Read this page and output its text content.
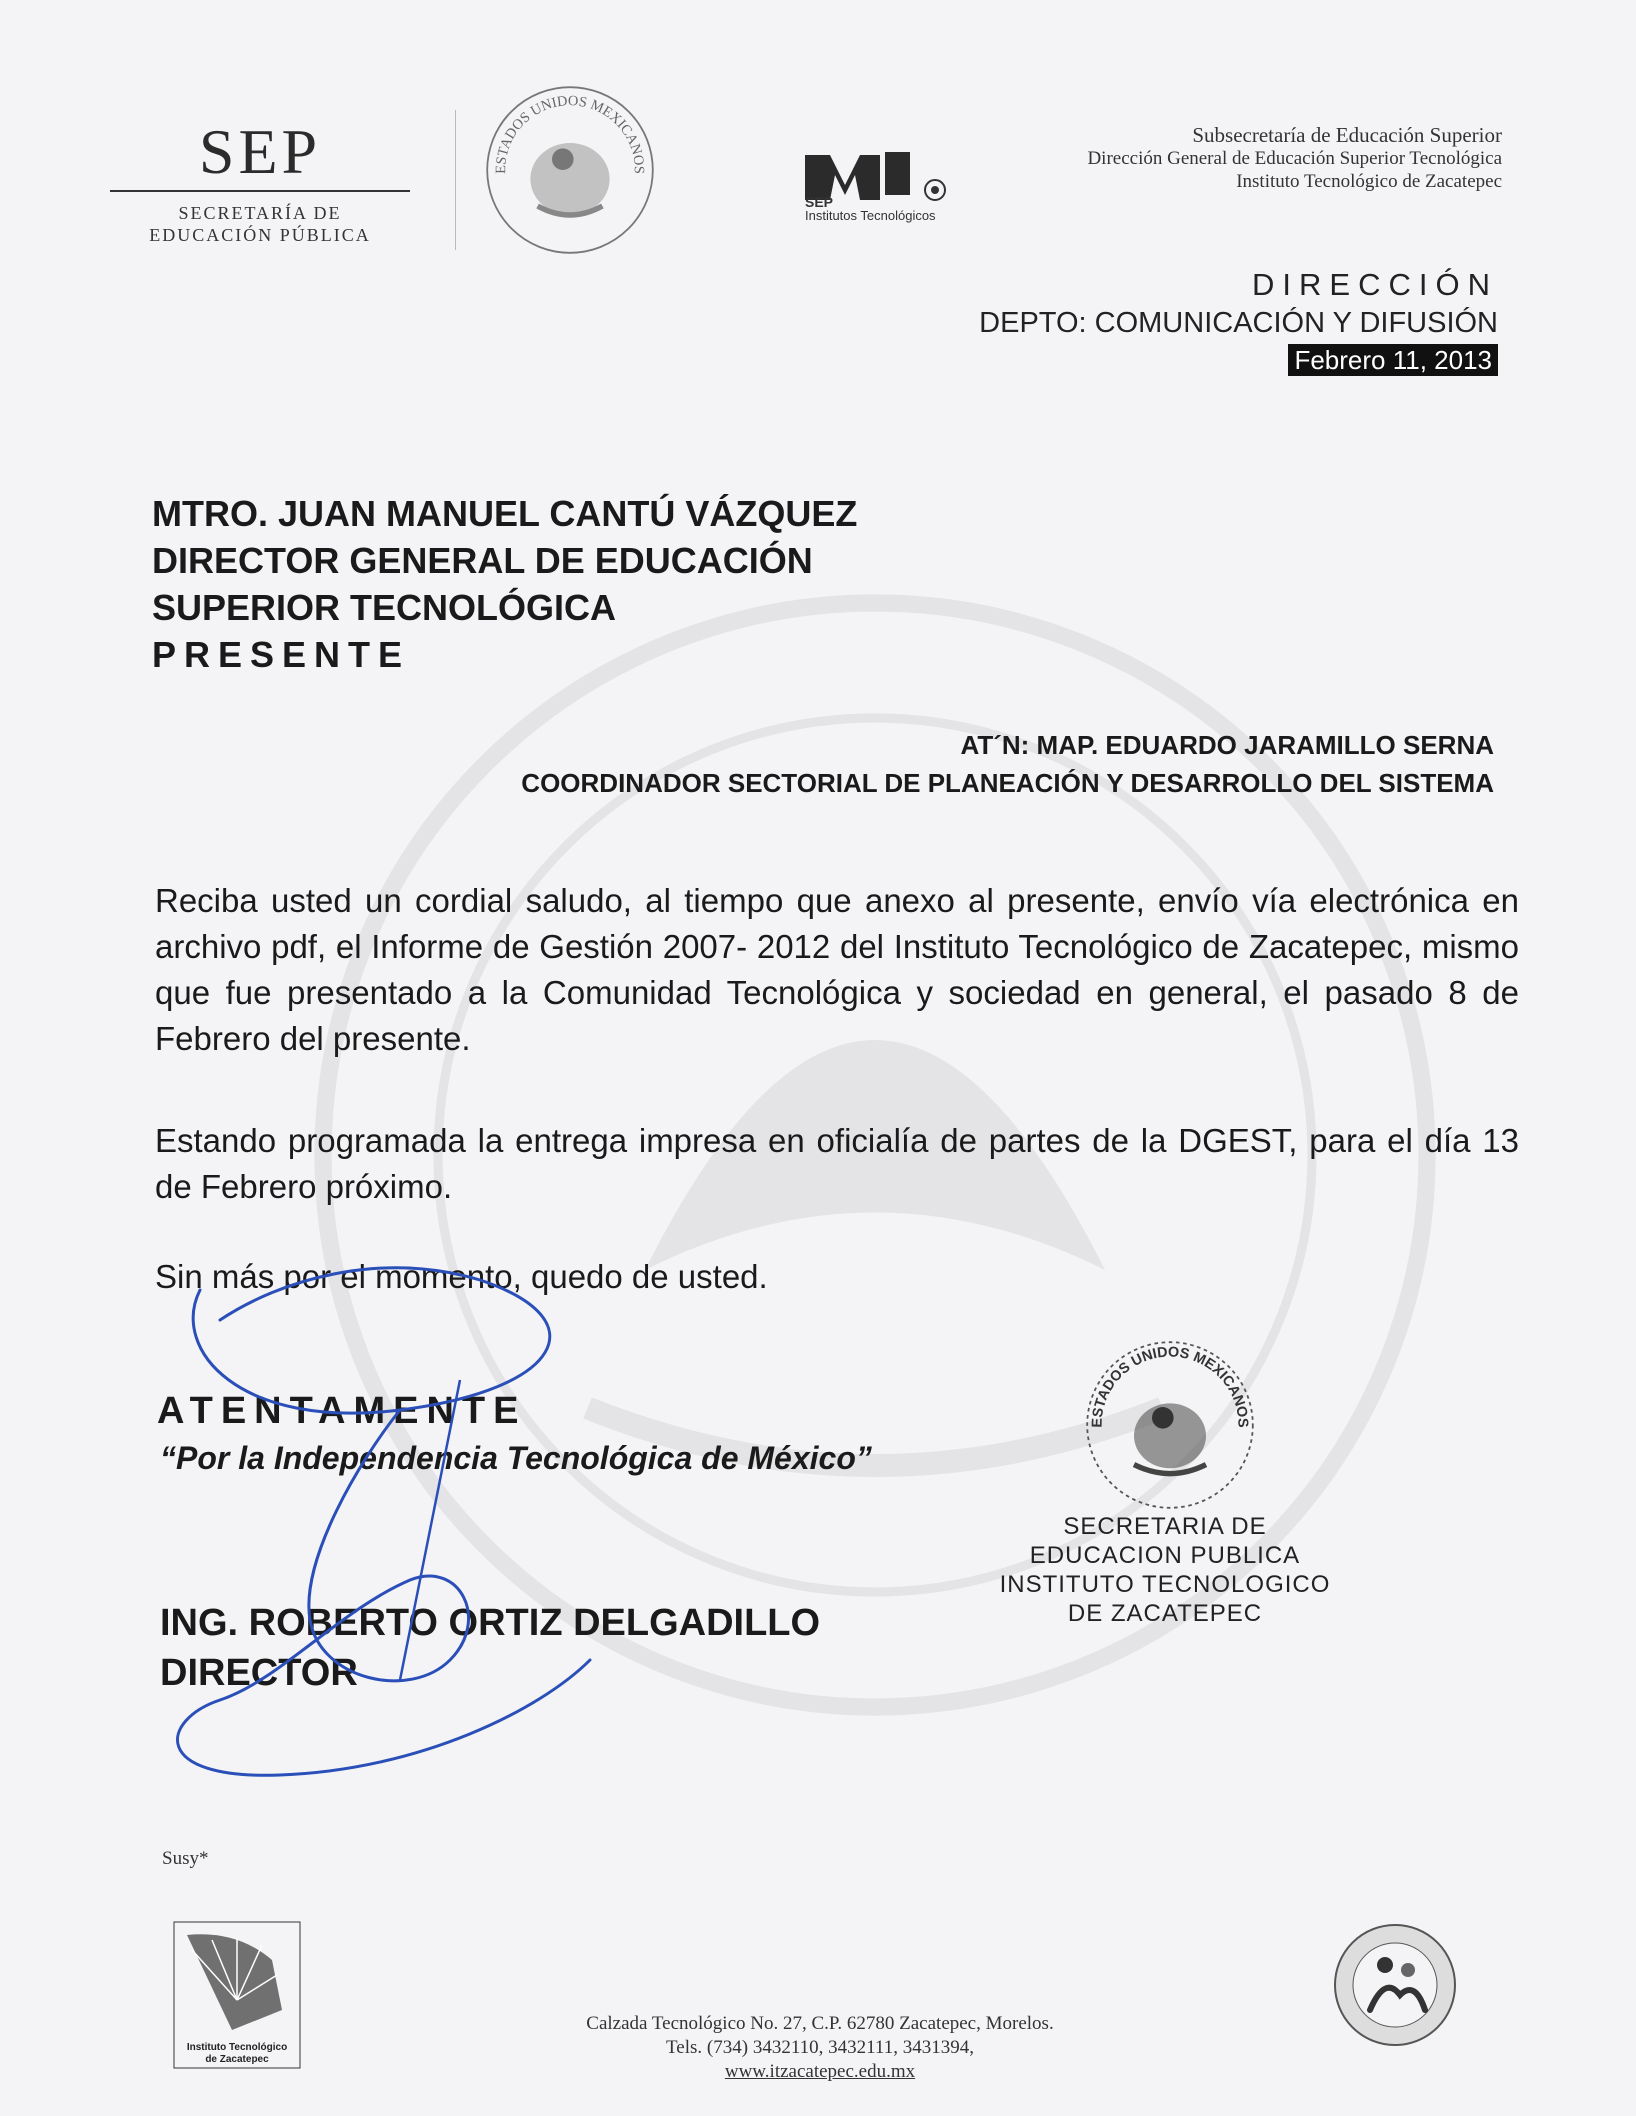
SEP
SECRETARÍA DE
EDUCACIÓN PÚBLICA
ESTADOS UNIDOS MEXICANOS
SEP
Institutos Tecnológicos
Subsecretaría de Educación Superior
Dirección General de Educación Superior Tecnológica
Instituto Tecnológico de Zacatepec
DIRECCIÓN
DEPTO: COMUNICACIÓN Y DIFUSIÓN
Febrero 11, 2013
MTRO. JUAN MANUEL CANTÚ VÁZQUEZ
DIRECTOR GENERAL DE EDUCACIÓN
SUPERIOR TECNOLÓGICA
PRESENTE
AT´N: MAP. EDUARDO JARAMILLO SERNA
COORDINADOR SECTORIAL DE PLANEACIÓN Y DESARROLLO DEL SISTEMA
Reciba usted un cordial saludo, al tiempo que anexo al presente, envío vía electrónica en archivo pdf, el Informe de Gestión 2007- 2012 del Instituto Tecnológico de Zacatepec, mismo que fue presentado a la Comunidad Tecnológica y sociedad en general, el pasado 8 de Febrero del presente.
Estando programada la entrega impresa en oficialía de partes de la DGEST, para el día 13 de Febrero próximo.
Sin más por el momento, quedo de usted.
ATENTAMENTE
“Por la Independencia Tecnológica de México”
ING. ROBERTO ORTIZ DELGADILLO
DIRECTOR
ESTADOS UNIDOS MEXICANOS
SECRETARIA DE
EDUCACION PUBLICA
INSTITUTO TECNOLOGICO
DE ZACATEPEC
Susy*
Instituto Tecnológico
de Zacatepec
Calzada Tecnológico No. 27, C.P. 62780 Zacatepec, Morelos.
Tels. (734) 3432110, 3432111, 3431394,
www.itzacatepec.edu.mx
